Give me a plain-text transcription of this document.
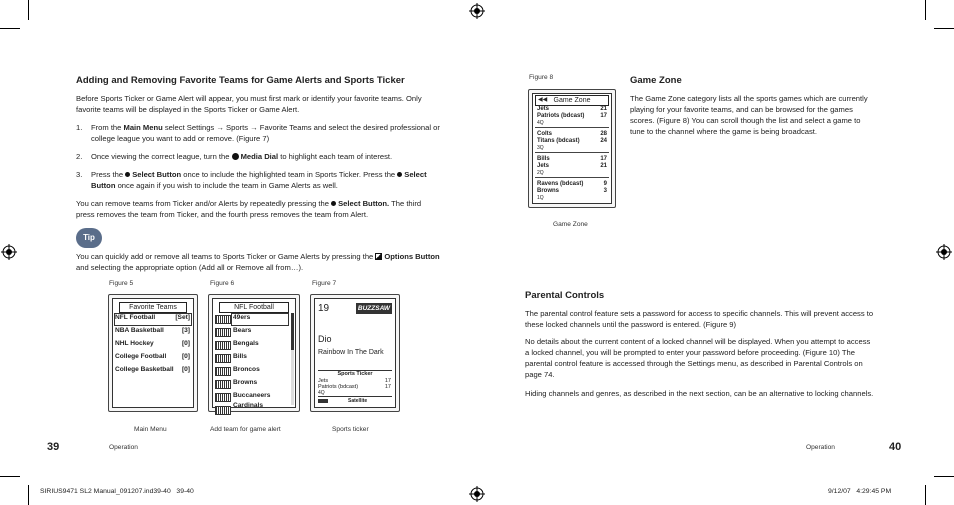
Adding and Removing Favorite Teams for Game Alerts and Sports Ticker
Before Sports Ticker or Game Alert will appear, you must first mark or identify your favorite teams. Only favorite teams will be displayed in the Sports Ticker or Game Alert.
1. From the Main Menu select Settings → Sports → Favorite Teams and select the desired professional or college league you want to add or remove. (Figure 7)
2. Once viewing the correct league, turn the Media Dial to highlight each team of interest.
3. Press the Select Button once to include the highlighted team in Sports Ticker. Press the Select Button once again if you wish to include the team in Game Alerts as well.
You can remove teams from Ticker and/or Alerts by repeatedly pressing the Select Button. The third press removes the team from Ticker, and the fourth press removes the team from Alert.
Tip
You can quickly add or remove all teams to Sports Ticker or Game Alerts by pressing the Options Button and selecting the appropriate option (Add all or Remove all from…).
Figure 5
Favorite Teams
NFL Football	[Set]
NBA Basketball	[3]
NHL Hockey	[0]
College Football [0]
College Basketball [0]
Main Menu
Figure 6
NFL Football
49ers
Bears
Bengals
Bills
Broncos
Browns
Buccaneers
Cardinals
Add team for game alert
Figure 7
19	BUZZSAW
Dio
Rainbow In The Dark
Sports Ticker
Jets	17
Patriots (bdcast)	17
4Q
Satellite
Sports ticker
39	Operation
Figure 8
◀◀ Game Zone
Jets	21
Patriots (bdcast)	17
4Q
Colts	28
Titans (bdcast)	24
3Q
Bills	17
Jets	21
2Q
Ravens (bdcast)	9
Browns	3
1Q
Game Zone
Game Zone
The Game Zone category lists all the sports games which are currently playing for your favorite teams, and can be browsed for the games scores. (Figure 8) You can scroll though the list and select a game to tune to the channel where the game is being broadcast.
Parental Controls
The parental control feature sets a password for access to specific channels. This will prevent access to these locked channels until the password is entered. (Figure 9)
No details about the current content of a locked channel will be displayed. When you attempt to access a locked channel, you will be prompted to enter your password before proceeding. (Figure 10) The parental control feature is accessed through the Settings menu, as described in Parental Controls on page 74.
Hiding channels and genres, as described in the next section, can be an alternative to locking channels.
Operation	40
SIRIUS9471 SL2 Manual_091207.ind39-40   39-40	9/12/07   4:29:45 PM
